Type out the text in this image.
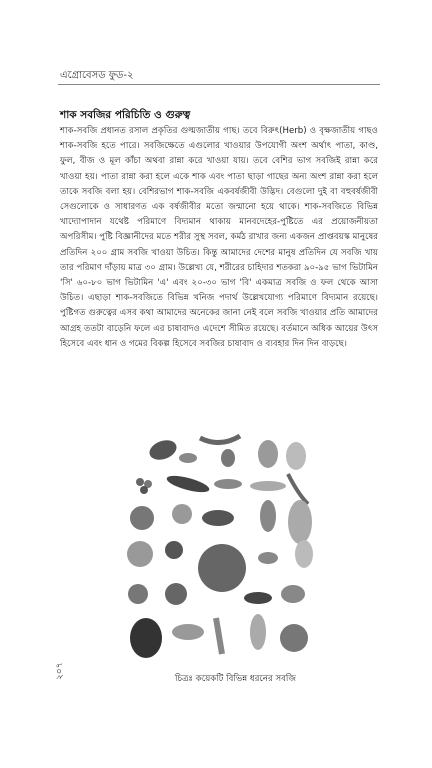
এগ্রোবেসড ফুড-২
শাক সবজির পরিচিতি ও গুরুত্ব

শাক-সবজি প্রধানত রসাল প্রকৃতির গুল্মজাতীয় গাছ। তবে বিরুৎ(Herb) ও বৃক্ষজাতীয় গাছও শাক-সবজি হতে পারে। সবজিক্ষেতে এগুলোর খাওয়ার উপযোগী অংশ অর্থাৎ পাতা, কাণ্ড, ফুল, বীজ ও মূল কাঁচা অথবা রান্না করে খাওয়া যায়। তবে বেশির ভাগ সবজিই রান্না করে খাওয়া হয়। পাতা রান্না করা হলে একে শাক এবং পাতা ছাড়া গাছের অন্য অংশ রান্না করা হলে তাকে সবজি বলা হয়। বেশিরভাগ শাক-সবজি একবর্ষজীবী উদ্ভিদ। বেগুলো দুই বা বহুবর্ষজীবী সেগুলোকে ও সাধারণত এক বর্ষজীবীর মতো জন্মানো হয়ে থাকে। শাক-সবজিতে বিভিন্ন খাদ্যোপাদান যথেষ্ট পরিমাণে বিদ্যমান থাকায় মানবদেহের-পুষ্টিতে এর প্রয়োজনীয়তা অপরিসীম। পুষ্টি বিজ্ঞানীদের মতে শরীর সুস্থ সবল, কর্মঠ রাখার জন্য একজন প্রাপ্তবয়স্ক মানুষের প্রতিদিন ২০০ গ্রাম সবজি খাওয়া উচিত। কিন্তু আমাদের দেশের মানুষ প্রতিদিন যে সবজি খায় তার পরিমাণ দাঁড়ায় মাত্র ৩০ গ্রাম। উল্লেখ্য যে, শরীরের চাহিদার শতকরা ৯০-৯৫ ভাগ ভিটামিন 'সি' ৬০-৮০ ভাগ ভিটামিন 'এ' এবং ২০-৩০ ভাগ 'বি' একমাত্র সবজি ও ফল থেকে আসা উচিত। এছাড়া শাক-সবজিতে বিভিন্ন খনিজ পদার্থ উল্লেখযোগ্য পরিমাণে বিদ্যমান রয়েছে। পুষ্টিগত গুরুত্বের এসব কথা আমাদের অনেকের জানা নেই বলে সবজি খাওয়ার প্রতি আমাদের আগ্রহ ততটা বাড়েনি ফলে এর চাষাবাদও এদেশে সীমিত রয়েছে। বর্তমানে অধিক আয়ের উৎস হিসেবে এবং ধান ও গমের বিকল্প হিসেবে সবজির চাষাবাদ ও ব্যবহার দিন দিন বাড়ছে।

চিত্রঃ কয়েকটি বিভিন্ন ধরনের সবজি
২০৭
